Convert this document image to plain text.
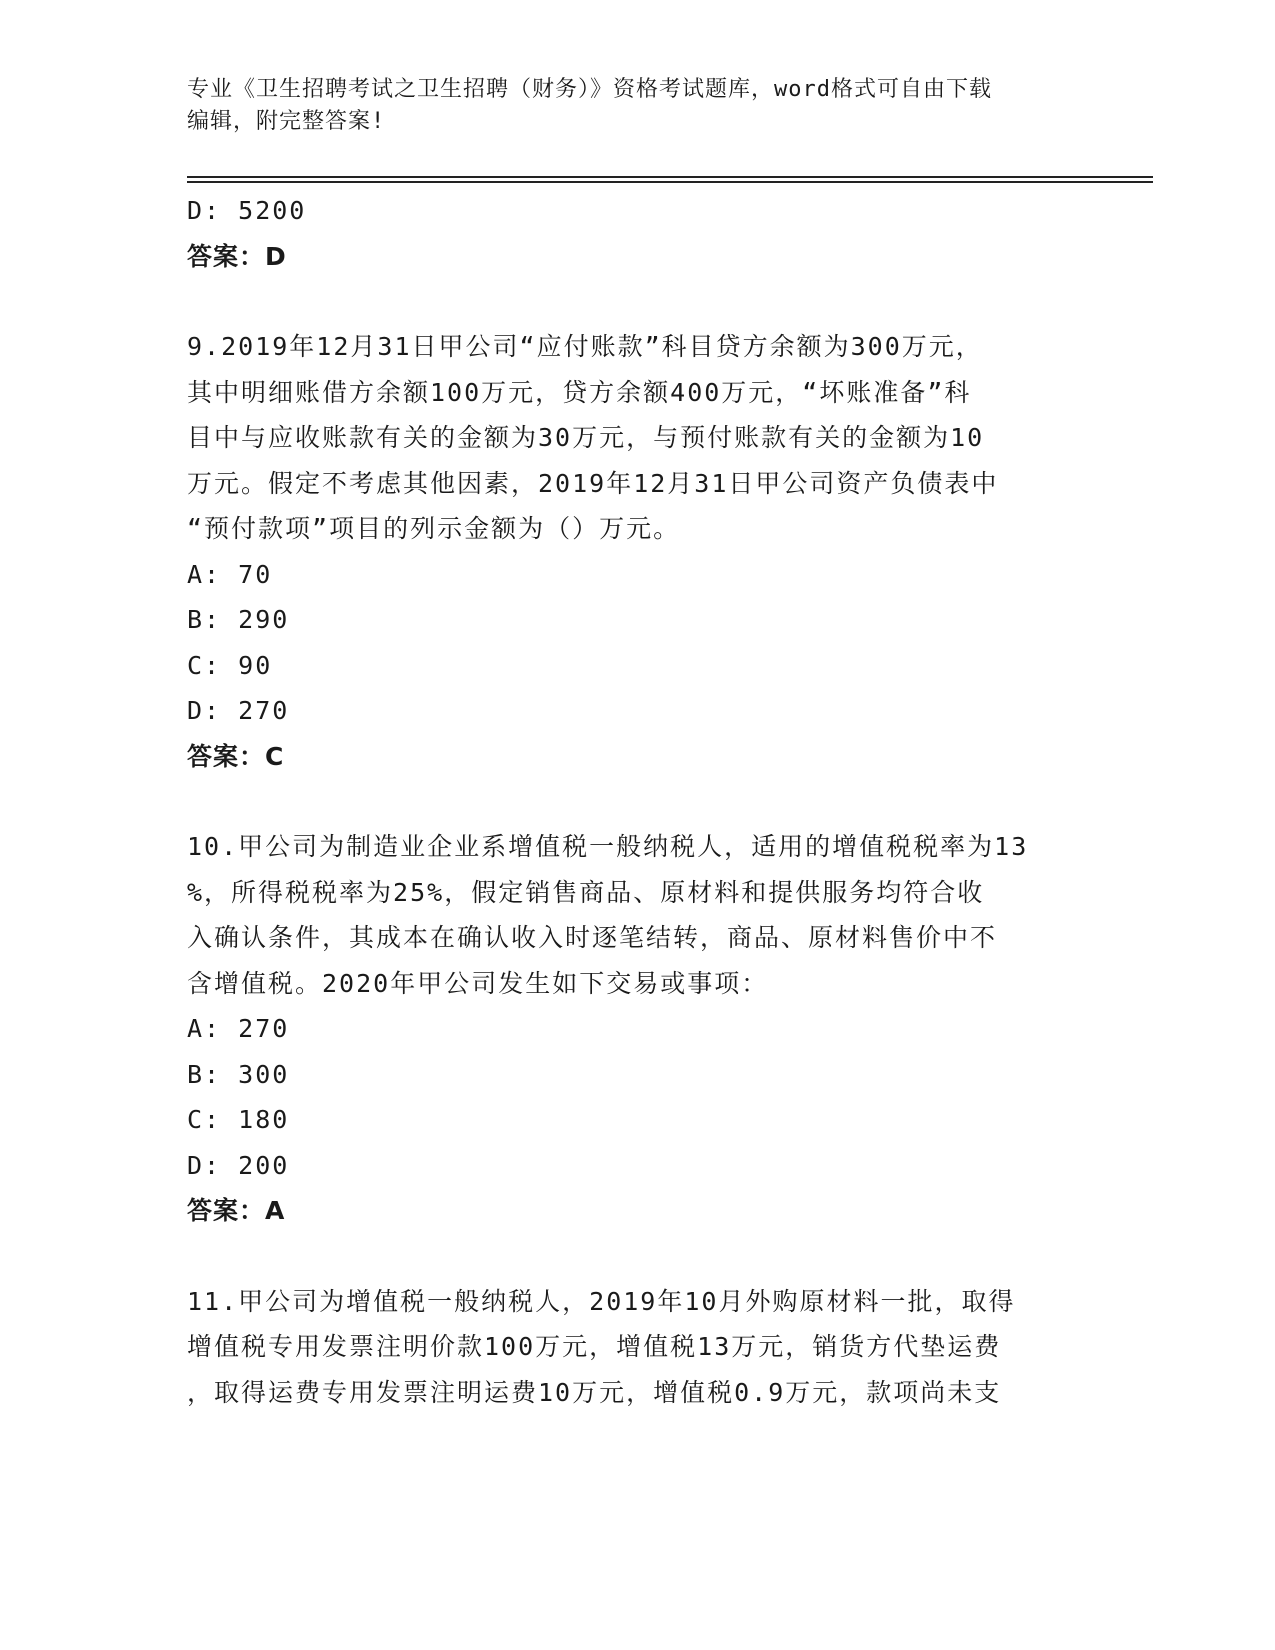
专业《卫生招聘考试之卫生招聘（财务）》资格考试题库，word格式可自由下载
编辑，附完整答案!
D: 5200
答案：D
9.2019年12月31日甲公司“应付账款”科目贷方余额为300万元，
其中明细账借方余额100万元，贷方余额400万元，“坏账准备”科
目中与应收账款有关的金额为30万元，与预付账款有关的金额为10
万元。假定不考虑其他因素，2019年12月31日甲公司资产负债表中
“预付款项”项目的列示金额为（）万元。
A: 70
B: 290
C: 90
D: 270
答案：C
10.甲公司为制造业企业系增值税一般纳税人，适用的增值税税率为13
%，所得税税率为25%，假定销售商品、原材料和提供服务均符合收
入确认条件，其成本在确认收入时逐笔结转，商品、原材料售价中不
含增值税。2020年甲公司发生如下交易或事项：
A: 270
B: 300
C: 180
D: 200
答案：A
11.甲公司为增值税一般纳税人，2019年10月外购原材料一批，取得
增值税专用发票注明价款100万元，增值税13万元，销货方代垫运费
，取得运费专用发票注明运费10万元，增值税0.9万元，款项尚未支
